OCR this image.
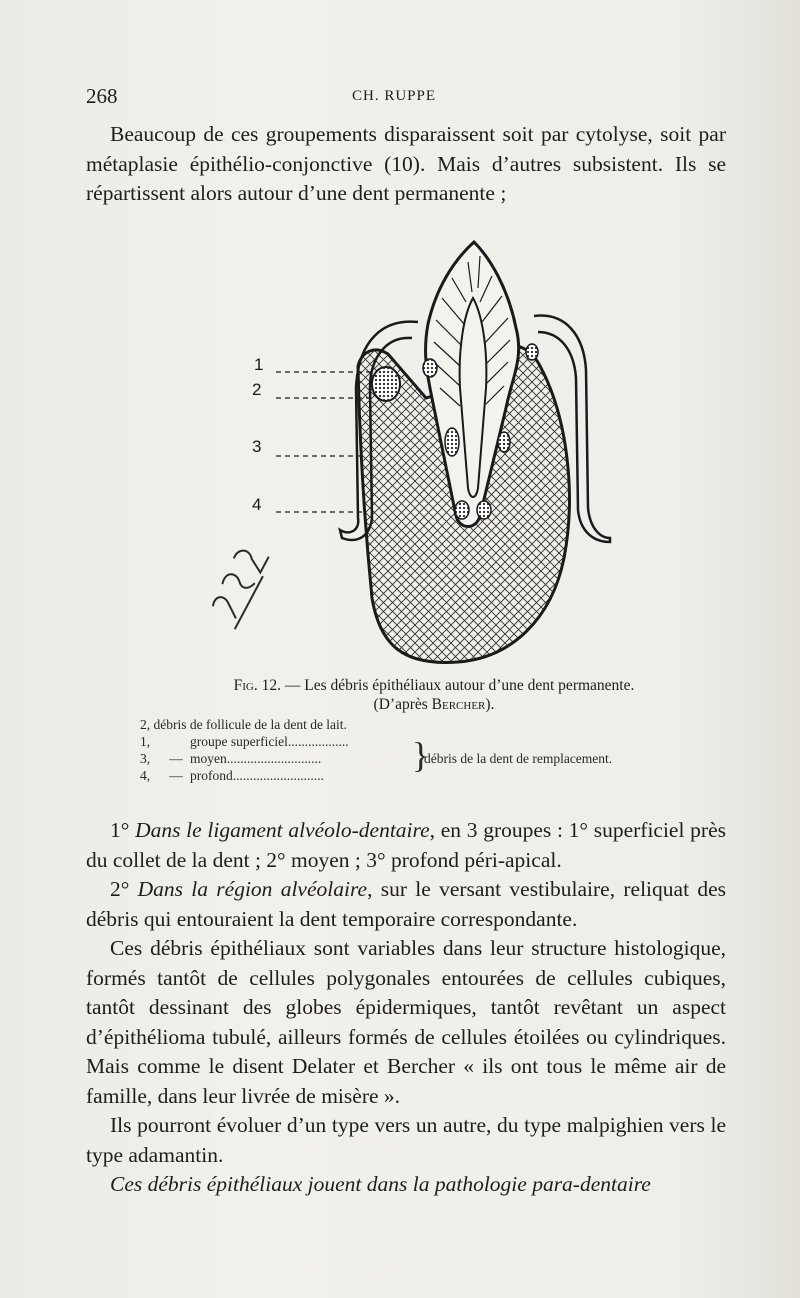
268	CH. RUPPE

Beaucoup de ces groupements disparaissent soit par cytolyse, soit par métaplasie épithélio-conjonctive (10). Mais d’autres subsistent. Ils se répartissent alors autour d’une dent permanente ;

1
2
3
4
Fig. 12. — Les débris épithéliaux autour d’une dent permanente.
(D’après Bercher).
2, débris de follicule de la dent de lait.
1,	groupe superficiel..................
3,	— moyen............................
4,	— profond...........................
}
débris de la dent de remplacement.

1° Dans le ligament alvéolo-dentaire, en 3 groupes : 1° superficiel près du collet de la dent ; 2° moyen ; 3° profond péri-apical.

2° Dans la région alvéolaire, sur le versant vestibulaire, reliquat des débris qui entouraient la dent temporaire correspondante.

Ces débris épithéliaux sont variables dans leur structure histologique, formés tantôt de cellules polygonales entourées de cellules cubiques, tantôt dessinant des globes épidermiques, tantôt revêtant un aspect d’épithélioma tubulé, ailleurs formés de cellules étoilées ou cylindriques. Mais comme le disent Delater et Bercher « ils ont tous le même air de famille, dans leur livrée de misère ».

Ils pourront évoluer d’un type vers un autre, du type malpighien vers le type adamantin.

Ces débris épithéliaux jouent dans la pathologie para-dentaire
